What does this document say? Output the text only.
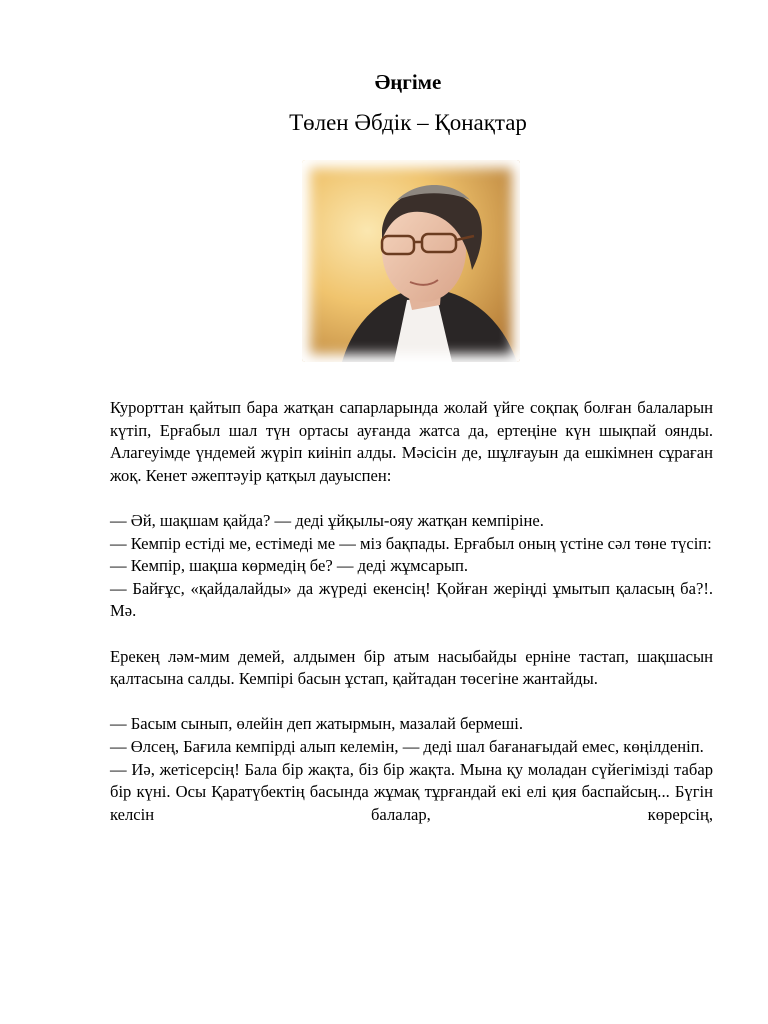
Әңгіме
Төлен Әбдік – Қонақтар

Курорттан қайтып бара жатқан сапарларында жолай үйге соқпақ болған балаларын күтіп, Ерғабыл шал түн ортасы ауғанда жатса да, ертеңіне күн шықпай оянды. Алагеуімде үндемей жүріп киініп алды. Мәсісін де, шұлғауын да ешкімнен сұраған жоқ. Кенет әжептәуір қатқыл дауыспен:

— Әй, шақшам қайда? — деді ұйқылы-ояу жатқан кемпіріне.

— Кемпір естіді ме, естімеді ме — міз бақпады. Ерғабыл оның үстіне сәл төне түсіп:

— Кемпір, шақша көрмедің бе? — деді жұмсарып.

— Байғұс, «қайдалайды» да жүреді екенсің! Қойған жеріңді ұмытып қаласың ба?!. Мә.

Ерекең ләм-мим демей, алдымен бір атым насыбайды ерніне тастап, шақшасын қалтасына салды. Кемпірі басын ұстап, қайтадан төсегіне жантайды.

— Басым сынып, өлейін деп жатырмын, мазалай бермеші.

— Өлсең, Бағила кемпірді алып келемін, — деді шал бағанағыдай емес, көңілденіп.

— Иә, жетісерсің! Бала бір жақта, біз бір жақта. Мына қу моладан сүйегімізді табар бір күні. Осы Қаратүбектің басында жұмақ тұрғандай екі елі қия баспайсың... Бүгін келсін балалар, көрерсің,
